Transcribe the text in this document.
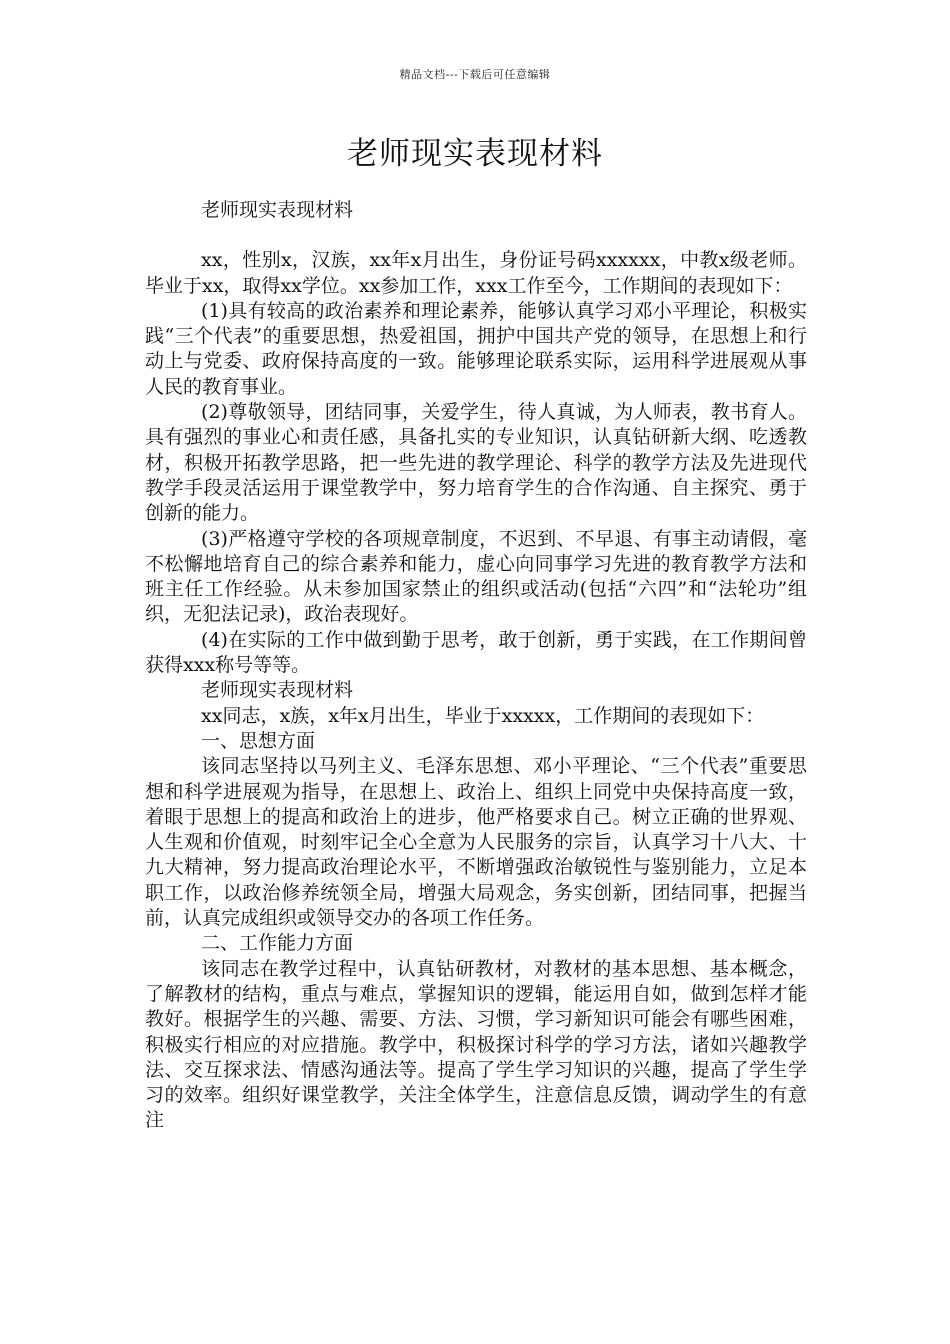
精品文档---下载后可任意编辑
老师现实表现材料

老师现实表现材料

xx，性别x，汉族，xx年x月出生，身份证号码xxxxxx，中教x级老师。毕业于xx，取得xx学位。xx参加工作，xxx工作至今，工作期间的表现如下：

(1)具有较高的政治素养和理论素养，能够认真学习邓小平理论，积极实践“三个代表”的重要思想，热爱祖国，拥护中国共产党的领导，在思想上和行动上与党委、政府保持高度的一致。能够理论联系实际，运用科学进展观从事人民的教育事业。

(2)尊敬领导，团结同事，关爱学生，待人真诚，为人师表，教书育人。具有强烈的事业心和责任感，具备扎实的专业知识，认真钻研新大纲、吃透教材，积极开拓教学思路，把一些先进的教学理论、科学的教学方法及先进现代教学手段灵活运用于课堂教学中，努力培育学生的合作沟通、自主探究、勇于创新的能力。

(3)严格遵守学校的各项规章制度，不迟到、不早退、有事主动请假，毫不松懈地培育自己的综合素养和能力，虚心向同事学习先进的教育教学方法和班主任工作经验。从未参加国家禁止的组织或活动(包括“六四”和“法轮功”组织，无犯法记录)，政治表现好。

(4)在实际的工作中做到勤于思考，敢于创新，勇于实践，在工作期间曾获得xxx称号等等。

老师现实表现材料

xx同志，x族，x年x月出生，毕业于xxxxx，工作期间的表现如下：

一、思想方面

该同志坚持以马列主义、毛泽东思想、邓小平理论、“三个代表”重要思想和科学进展观为指导，在思想上、政治上、组织上同党中央保持高度一致，着眼于思想上的提高和政治上的进步，他严格要求自己。树立正确的世界观、人生观和价值观，时刻牢记全心全意为人民服务的宗旨，认真学习十八大、十九大精神，努力提高政治理论水平，不断增强政治敏锐性与鉴别能力，立足本职工作，以政治修养统领全局，增强大局观念，务实创新，团结同事，把握当前，认真完成组织或领导交办的各项工作任务。

二、工作能力方面

该同志在教学过程中，认真钻研教材，对教材的基本思想、基本概念，了解教材的结构，重点与难点，掌握知识的逻辑，能运用自如，做到怎样才能教好。根据学生的兴趣、需要、方法、习惯，学习新知识可能会有哪些困难，积极实行相应的对应措施。教学中，积极探讨科学的学习方法，诸如兴趣教学法、交互探求法、情感沟通法等。提高了学生学习知识的兴趣，提高了学生学习的效率。组织好课堂教学，关注全体学生，注意信息反馈，调动学生的有意注
